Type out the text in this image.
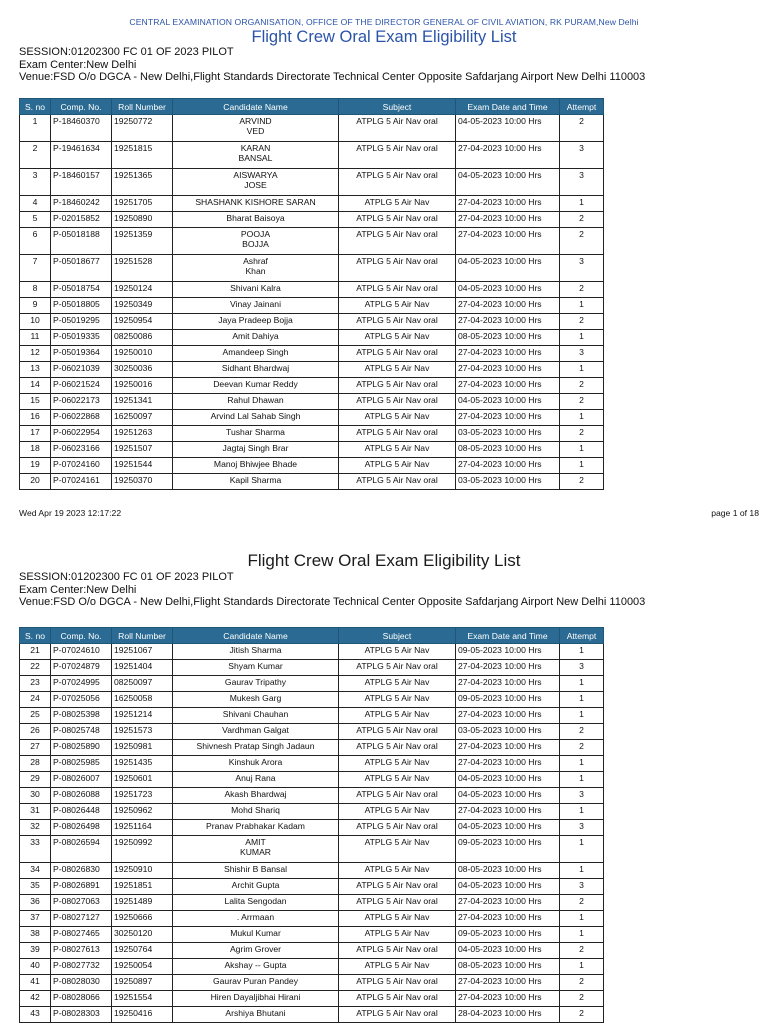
CENTRAL EXAMINATION ORGANISATION, OFFICE OF THE DIRECTOR GENERAL OF CIVIL AVIATION, RK PURAM,New Delhi
Flight Crew Oral Exam Eligibility List
SESSION:01202300 FC 01 OF 2023 PILOT
Exam Center:New Delhi
Venue:FSD O/o DGCA - New Delhi,Flight Standards Directorate Technical Center Opposite Safdarjang Airport New Delhi 110003
S. no	Comp. No.	Roll Number	Candidate Name	Subject	Exam Date and Time	Attempt
1	P-18460370	19250772	ARVIND
VED	ATPLG 5 Air Nav oral	04-05-2023 10:00 Hrs	2
2	P-19461634	19251815	KARAN
BANSAL	ATPLG 5 Air Nav oral	27-04-2023 10:00 Hrs	3
3	P-18460157	19251365	AISWARYA
JOSE	ATPLG 5 Air Nav oral	04-05-2023 10:00 Hrs	3
4	P-18460242	19251705	SHASHANK KISHORE SARAN	ATPLG 5 Air Nav	27-04-2023 10:00 Hrs	1
5	P-02015852	19250890	Bharat Baisoya	ATPLG 5 Air Nav oral	27-04-2023 10:00 Hrs	2
6	P-05018188	19251359	POOJA
BOJJA	ATPLG 5 Air Nav oral	27-04-2023 10:00 Hrs	2
7	P-05018677	19251528	Ashraf
Khan	ATPLG 5 Air Nav oral	04-05-2023 10:00 Hrs	3
8	P-05018754	19250124	Shivani Kalra	ATPLG 5 Air Nav oral	04-05-2023 10:00 Hrs	2
9	P-05018805	19250349	Vinay Jainani	ATPLG 5 Air Nav	27-04-2023 10:00 Hrs	1
10	P-05019295	19250954	Jaya Pradeep Bojja	ATPLG 5 Air Nav oral	27-04-2023 10:00 Hrs	2
11	P-05019335	08250086	Amit Dahiya	ATPLG 5 Air Nav	08-05-2023 10:00 Hrs	1
12	P-05019364	19250010	Amandeep Singh	ATPLG 5 Air Nav oral	27-04-2023 10:00 Hrs	3
13	P-06021039	30250036	Sidhant Bhardwaj	ATPLG 5 Air Nav	27-04-2023 10:00 Hrs	1
14	P-06021524	19250016	Deevan Kumar Reddy	ATPLG 5 Air Nav oral	27-04-2023 10:00 Hrs	2
15	P-06022173	19251341	Rahul Dhawan	ATPLG 5 Air Nav oral	04-05-2023 10:00 Hrs	2
16	P-06022868	16250097	Arvind Lal Sahab Singh	ATPLG 5 Air Nav	27-04-2023 10:00 Hrs	1
17	P-06022954	19251263	Tushar Sharma	ATPLG 5 Air Nav oral	03-05-2023 10:00 Hrs	2
18	P-06023166	19251507	Jagtaj Singh Brar	ATPLG 5 Air Nav	08-05-2023 10:00 Hrs	1
19	P-07024160	19251544	Manoj Bhiwjee Bhade	ATPLG 5 Air Nav	27-04-2023 10:00 Hrs	1
20	P-07024161	19250370	Kapil Sharma	ATPLG 5 Air Nav oral	03-05-2023 10:00 Hrs	2
Wed Apr 19 2023 12:17:22	page 1 of 18
Flight Crew Oral Exam Eligibility List
SESSION:01202300 FC 01 OF 2023 PILOT
Exam Center:New Delhi
Venue:FSD O/o DGCA - New Delhi,Flight Standards Directorate Technical Center Opposite Safdarjang Airport New Delhi 110003
S. no	Comp. No.	Roll Number	Candidate Name	Subject	Exam Date and Time	Attempt
21	P-07024610	19251067	Jitish Sharma	ATPLG 5 Air Nav	09-05-2023 10:00 Hrs	1
22	P-07024879	19251404	Shyam Kumar	ATPLG 5 Air Nav oral	27-04-2023 10:00 Hrs	3
23	P-07024995	08250097	Gaurav Tripathy	ATPLG 5 Air Nav	27-04-2023 10:00 Hrs	1
24	P-07025056	16250058	Mukesh Garg	ATPLG 5 Air Nav	09-05-2023 10:00 Hrs	1
25	P-08025398	19251214	Shivani Chauhan	ATPLG 5 Air Nav	27-04-2023 10:00 Hrs	1
26	P-08025748	19251573	Vardhman Galgat	ATPLG 5 Air Nav oral	03-05-2023 10:00 Hrs	2
27	P-08025890	19250981	Shivnesh Pratap Singh Jadaun	ATPLG 5 Air Nav oral	27-04-2023 10:00 Hrs	2
28	P-08025985	19251435	Kinshuk Arora	ATPLG 5 Air Nav	27-04-2023 10:00 Hrs	1
29	P-08026007	19250601	Anuj Rana	ATPLG 5 Air Nav	04-05-2023 10:00 Hrs	1
30	P-08026088	19251723	Akash Bhardwaj	ATPLG 5 Air Nav oral	04-05-2023 10:00 Hrs	3
31	P-08026448	19250962	Mohd Shariq	ATPLG 5 Air Nav	27-04-2023 10:00 Hrs	1
32	P-08026498	19251164	Pranav Prabhakar Kadam	ATPLG 5 Air Nav oral	04-05-2023 10:00 Hrs	3
33	P-08026594	19250992	AMIT
KUMAR	ATPLG 5 Air Nav	09-05-2023 10:00 Hrs	1
34	P-08026830	19250910	Shishir B Bansal	ATPLG 5 Air Nav	08-05-2023 10:00 Hrs	1
35	P-08026891	19251851	Archit Gupta	ATPLG 5 Air Nav oral	04-05-2023 10:00 Hrs	3
36	P-08027063	19251489	Lalita Sengodan	ATPLG 5 Air Nav oral	27-04-2023 10:00 Hrs	2
37	P-08027127	19250666	. Arrmaan	ATPLG 5 Air Nav	27-04-2023 10:00 Hrs	1
38	P-08027465	30250120	Mukul Kumar	ATPLG 5 Air Nav	09-05-2023 10:00 Hrs	1
39	P-08027613	19250764	Agrim Grover	ATPLG 5 Air Nav oral	04-05-2023 10:00 Hrs	2
40	P-08027732	19250054	Akshay -- Gupta	ATPLG 5 Air Nav	08-05-2023 10:00 Hrs	1
41	P-08028030	19250897	Gaurav Puran Pandey	ATPLG 5 Air Nav oral	27-04-2023 10:00 Hrs	2
42	P-08028066	19251554	Hiren Dayaljibhai Hirani	ATPLG 5 Air Nav oral	27-04-2023 10:00 Hrs	2
43	P-08028303	19250416	Arshiya Bhutani	ATPLG 5 Air Nav oral	28-04-2023 10:00 Hrs	2
